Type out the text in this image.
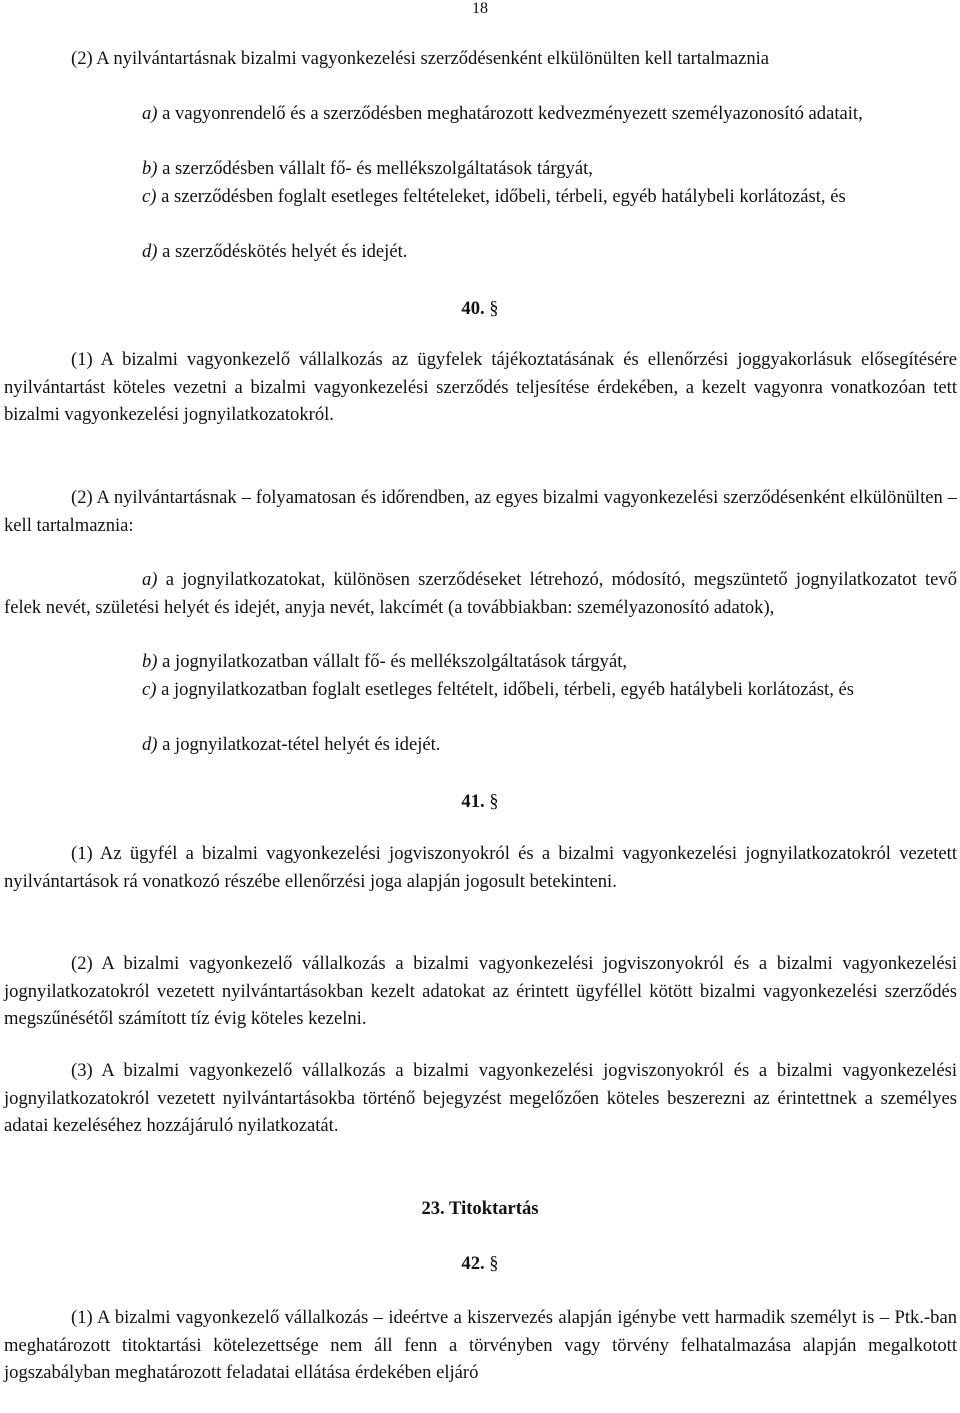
18

(2) A nyilvántartásnak bizalmi vagyonkezelési szerződésenként elkülönülten kell tartalmaznia

a) a vagyonrendelő és a szerződésben meghatározott kedvezményezett személyazonosító adatait,

b) a szerződésben vállalt fő- és mellékszolgáltatások tárgyát,

c) a szerződésben foglalt esetleges feltételeket, időbeli, térbeli, egyéb hatálybeli korlátozást, és

d) a szerződéskötés helyét és idejét.

40. §

(1) A bizalmi vagyonkezelő vállalkozás az ügyfelek tájékoztatásának és ellenőrzési joggyakorlásuk elősegítésére nyilvántartást köteles vezetni a bizalmi vagyonkezelési szerződés teljesítése érdekében, a kezelt vagyonra vonatkozóan tett bizalmi vagyonkezelési jognyilatkozatokról.

(2) A nyilvántartásnak – folyamatosan és időrendben, az egyes bizalmi vagyonkezelési szerződésenként elkülönülten – kell tartalmaznia:

a) a jognyilatkozatokat, különösen szerződéseket létrehozó, módosító, megszüntető jognyilatkozatot tevő felek nevét, születési helyét és idejét, anyja nevét, lakcímét (a továbbiakban: személyazonosító adatok),

b) a jognyilatkozatban vállalt fő- és mellékszolgáltatások tárgyát,

c) a jognyilatkozatban foglalt esetleges feltételt, időbeli, térbeli, egyéb hatálybeli korlátozást, és

d) a jognyilatkozat-tétel helyét és idejét.

41. §

(1) Az ügyfél a bizalmi vagyonkezelési jogviszonyokról és a bizalmi vagyonkezelési jognyilatkozatokról vezetett nyilvántartások rá vonatkozó részébe ellenőrzési joga alapján jogosult betekinteni.

(2) A bizalmi vagyonkezelő vállalkozás a bizalmi vagyonkezelési jogviszonyokról és a bizalmi vagyonkezelési jognyilatkozatokról vezetett nyilvántartásokban kezelt adatokat az érintett ügyféllel kötött bizalmi vagyonkezelési szerződés megszűnésétől számított tíz évig köteles kezelni.

(3) A bizalmi vagyonkezelő vállalkozás a bizalmi vagyonkezelési jogviszonyokról és a bizalmi vagyonkezelési jognyilatkozatokról vezetett nyilvántartásokba történő bejegyzést megelőzően köteles beszerezni az érintettnek a személyes adatai kezeléséhez hozzájáruló nyilatkozatát.

23. Titoktartás

42. §

(1) A bizalmi vagyonkezelő vállalkozás – ideértve a kiszervezés alapján igénybe vett harmadik személyt is – Ptk.-ban meghatározott titoktartási kötelezettsége nem áll fenn a törvényben vagy törvény felhatalmazása alapján megalkotott jogszabályban meghatározott feladatai ellátása érdekében eljáró
